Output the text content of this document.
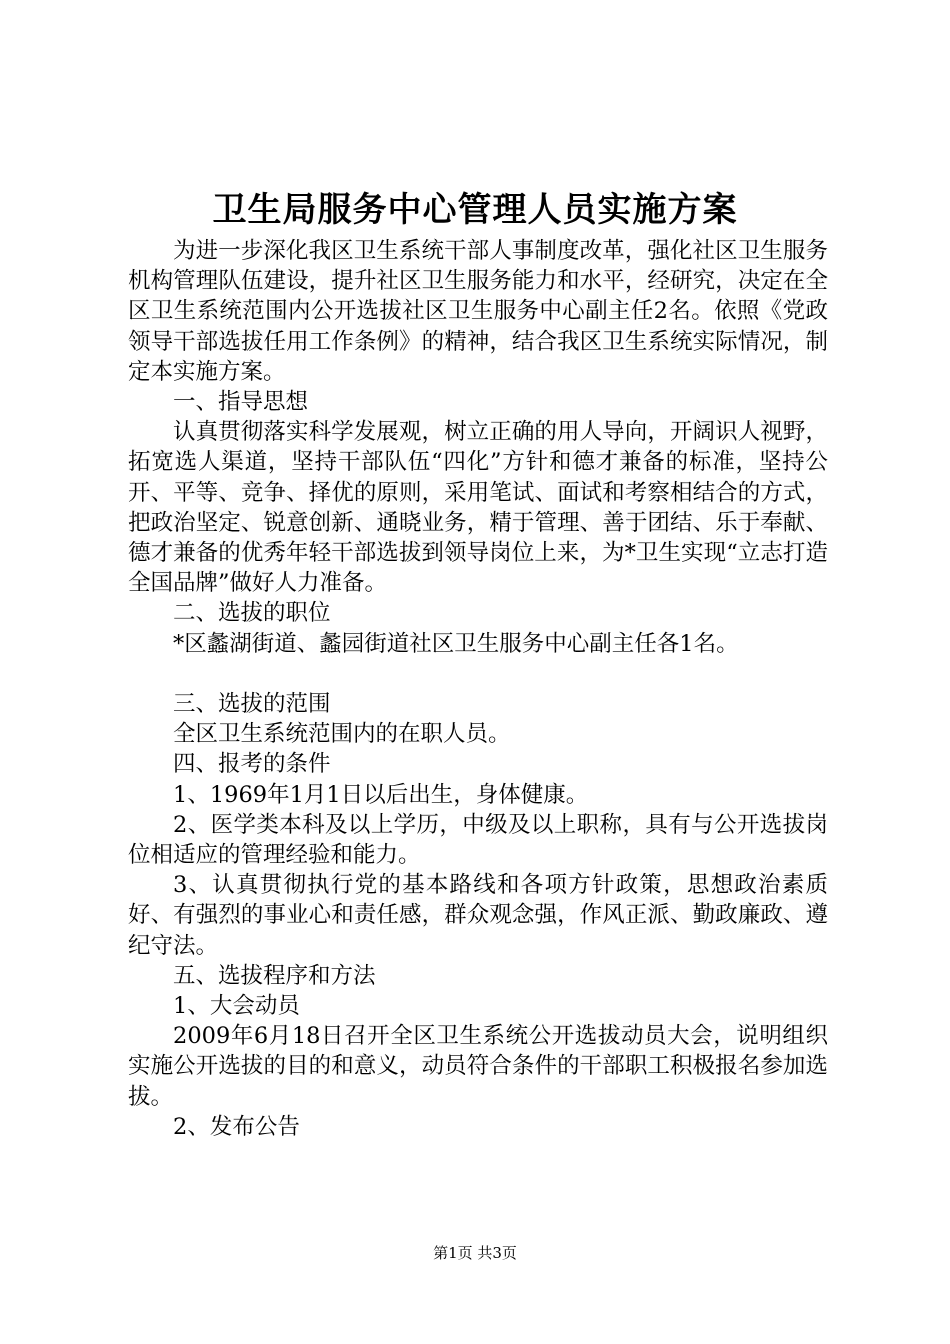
卫生局服务中心管理人员实施方案

为进一步深化我区卫生系统干部人事制度改革，强化社区卫生服务机构管理队伍建设，提升社区卫生服务能力和水平，经研究，决定在全区卫生系统范围内公开选拔社区卫生服务中心副主任2名。依照《党政领导干部选拔任用工作条例》的精神，结合我区卫生系统实际情况，制定本实施方案。

一、指导思想

认真贯彻落实科学发展观，树立正确的用人导向，开阔识人视野，拓宽选人渠道，坚持干部队伍“四化”方针和德才兼备的标准，坚持公开、平等、竞争、择优的原则，采用笔试、面试和考察相结合的方式，把政治坚定、锐意创新、通晓业务，精于管理、善于团结、乐于奉献、德才兼备的优秀年轻干部选拔到领导岗位上来，为*卫生实现“立志打造全国品牌”做好人力准备。

二、选拔的职位

*区蠡湖街道、蠡园街道社区卫生服务中心副主任各1名。

三、选拔的范围

全区卫生系统范围内的在职人员。

四、报考的条件

1、1969年1月1日以后出生，身体健康。

2、医学类本科及以上学历，中级及以上职称，具有与公开选拔岗位相适应的管理经验和能力。

3、认真贯彻执行党的基本路线和各项方针政策，思想政治素质好、有强烈的事业心和责任感，群众观念强，作风正派、勤政廉政、遵纪守法。

五、选拔程序和方法

1、大会动员

2009年6月18日召开全区卫生系统公开选拔动员大会，说明组织实施公开选拔的目的和意义，动员符合条件的干部职工积极报名参加选拔。

2、发布公告

第1页 共3页
